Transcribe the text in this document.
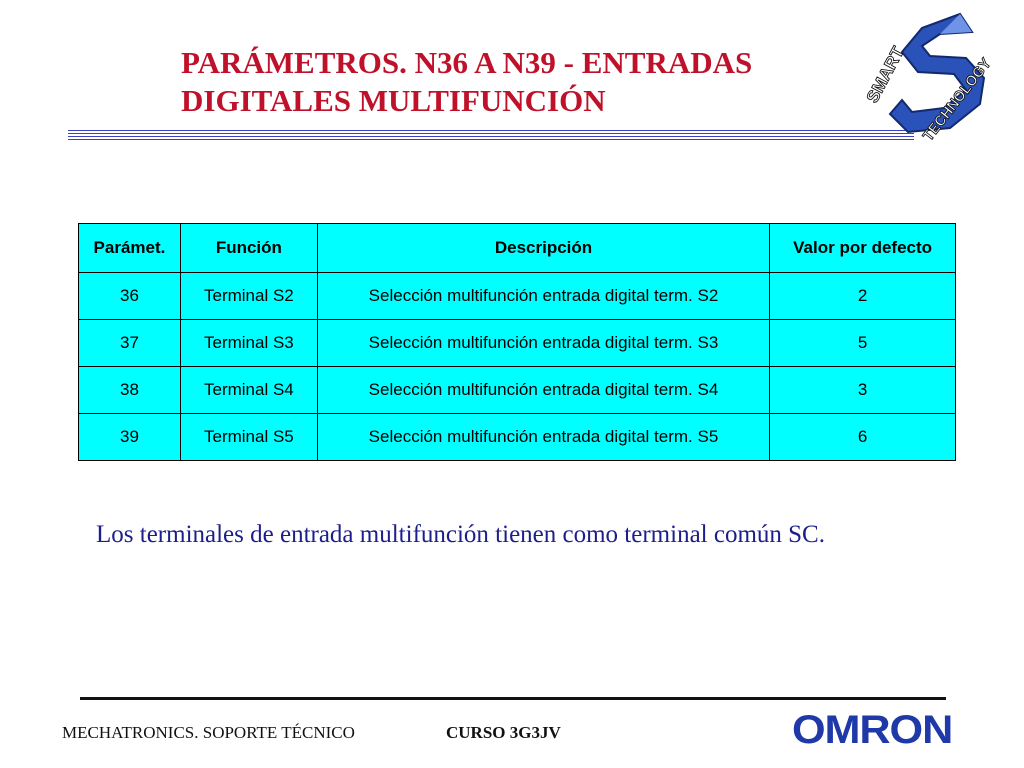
PARÁMETROS. N36 A N39 - ENTRADAS
DIGITALES MULTIFUNCIÓN	SMART TECHNOLOGY
Parámet.	Función	Descripción	Valor por defecto
36	Terminal S2	Selección multifunción entrada digital term. S2	2
37	Terminal S3	Selección multifunción entrada digital term. S3	5
38	Terminal S4	Selección multifunción entrada digital term. S4	3
39	Terminal S5	Selección multifunción entrada digital term. S5	6

Los terminales de entrada multifunción tienen como terminal común SC.

MECHATRONICS. SOPORTE TÉCNICO	CURSO 3G3JV	OMRON
